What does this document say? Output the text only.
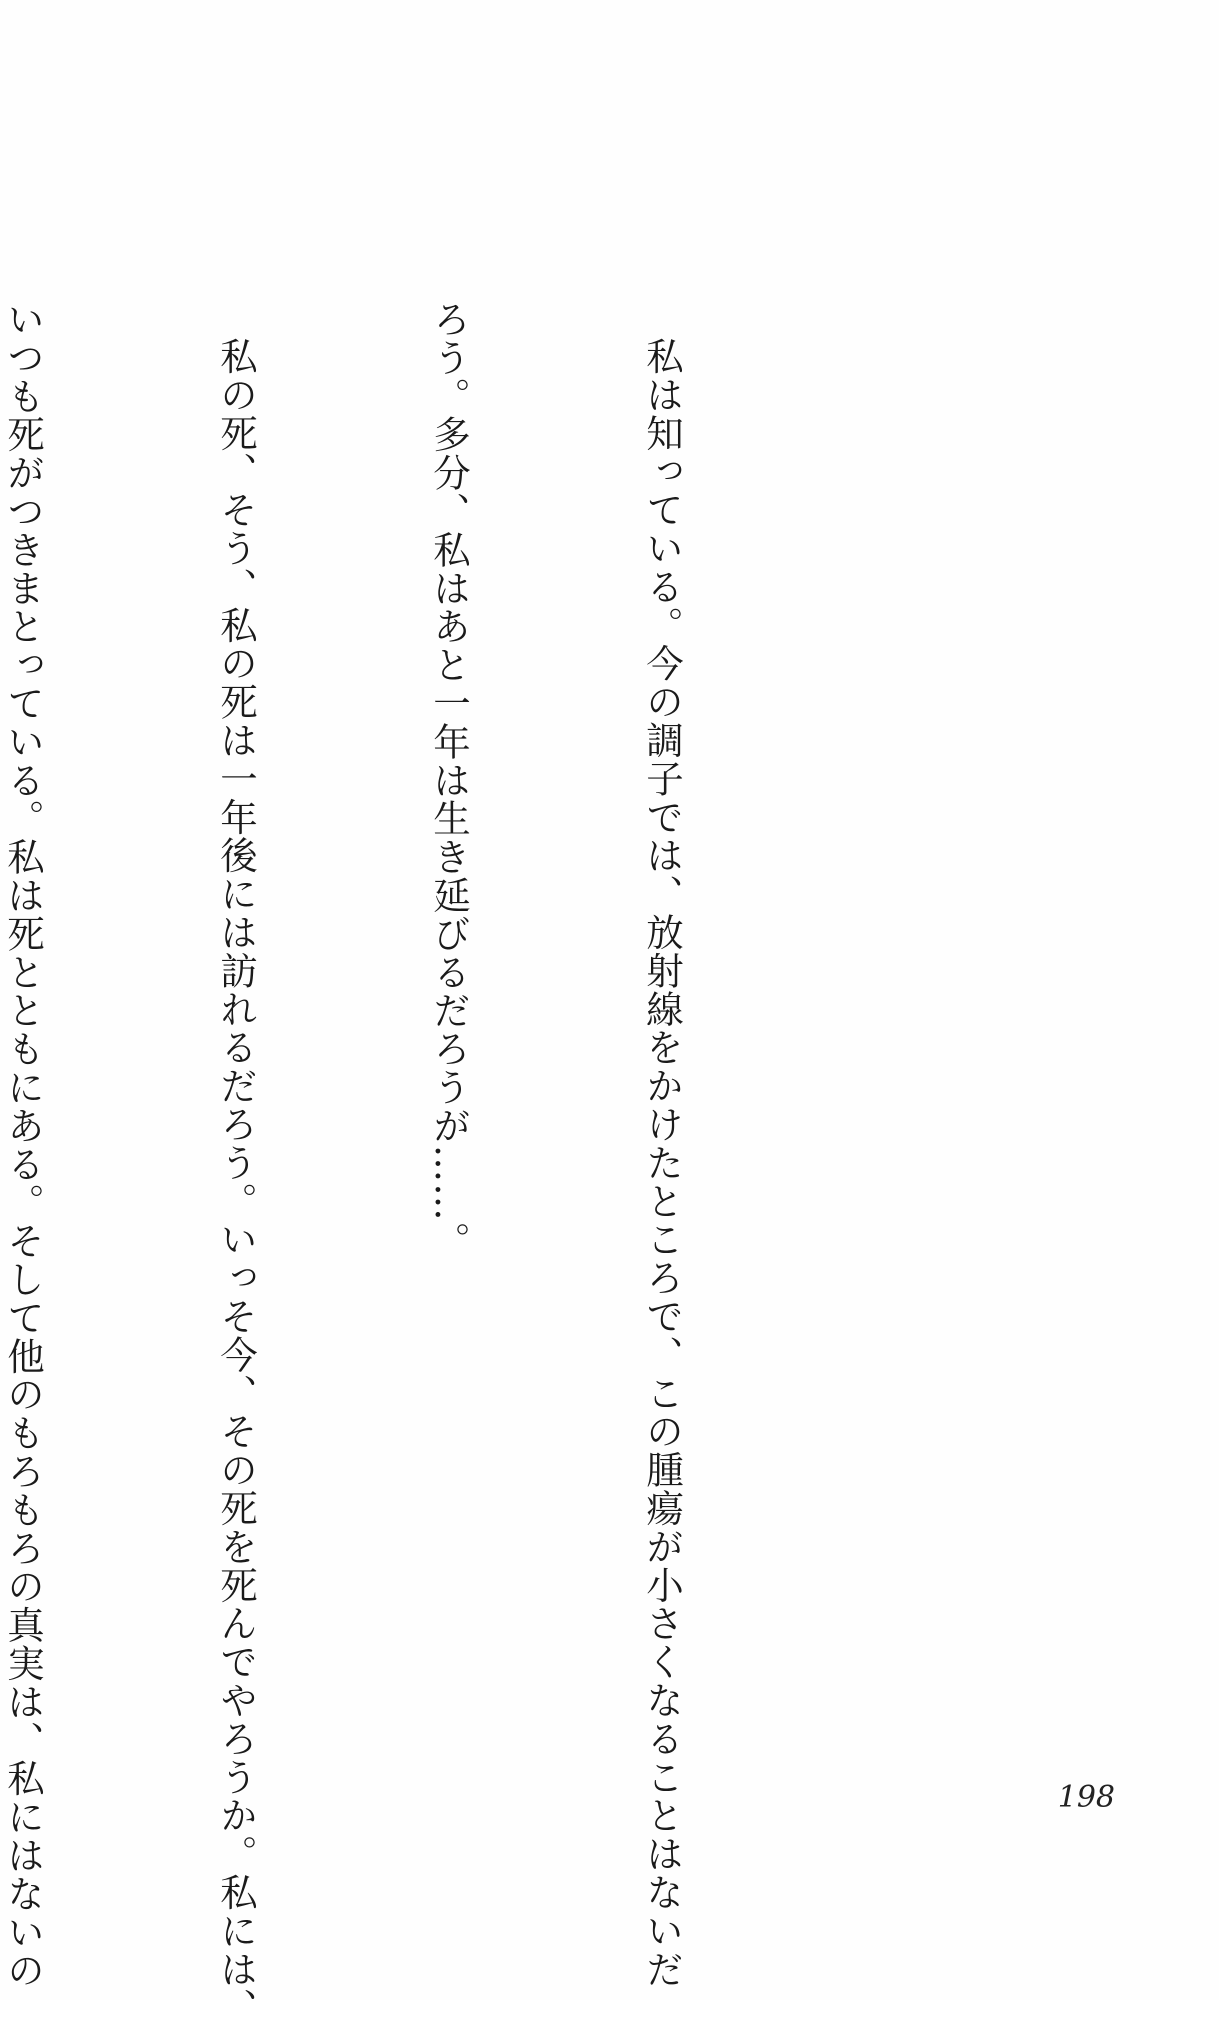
私は知っている。今の調子では、放射線をかけたところで、この腫瘍が小さくなることはないだ

ろう。多分、私はあと一年は生き延びるだろうが……。

私の死、そう、私の死は一年後には訪れるだろう。いっそ今、その死を死んでやろうか。私には、

いつも死がつきまとっている。私は死とともにある。そして他のもろもろの真実は、私にはないの

	198
